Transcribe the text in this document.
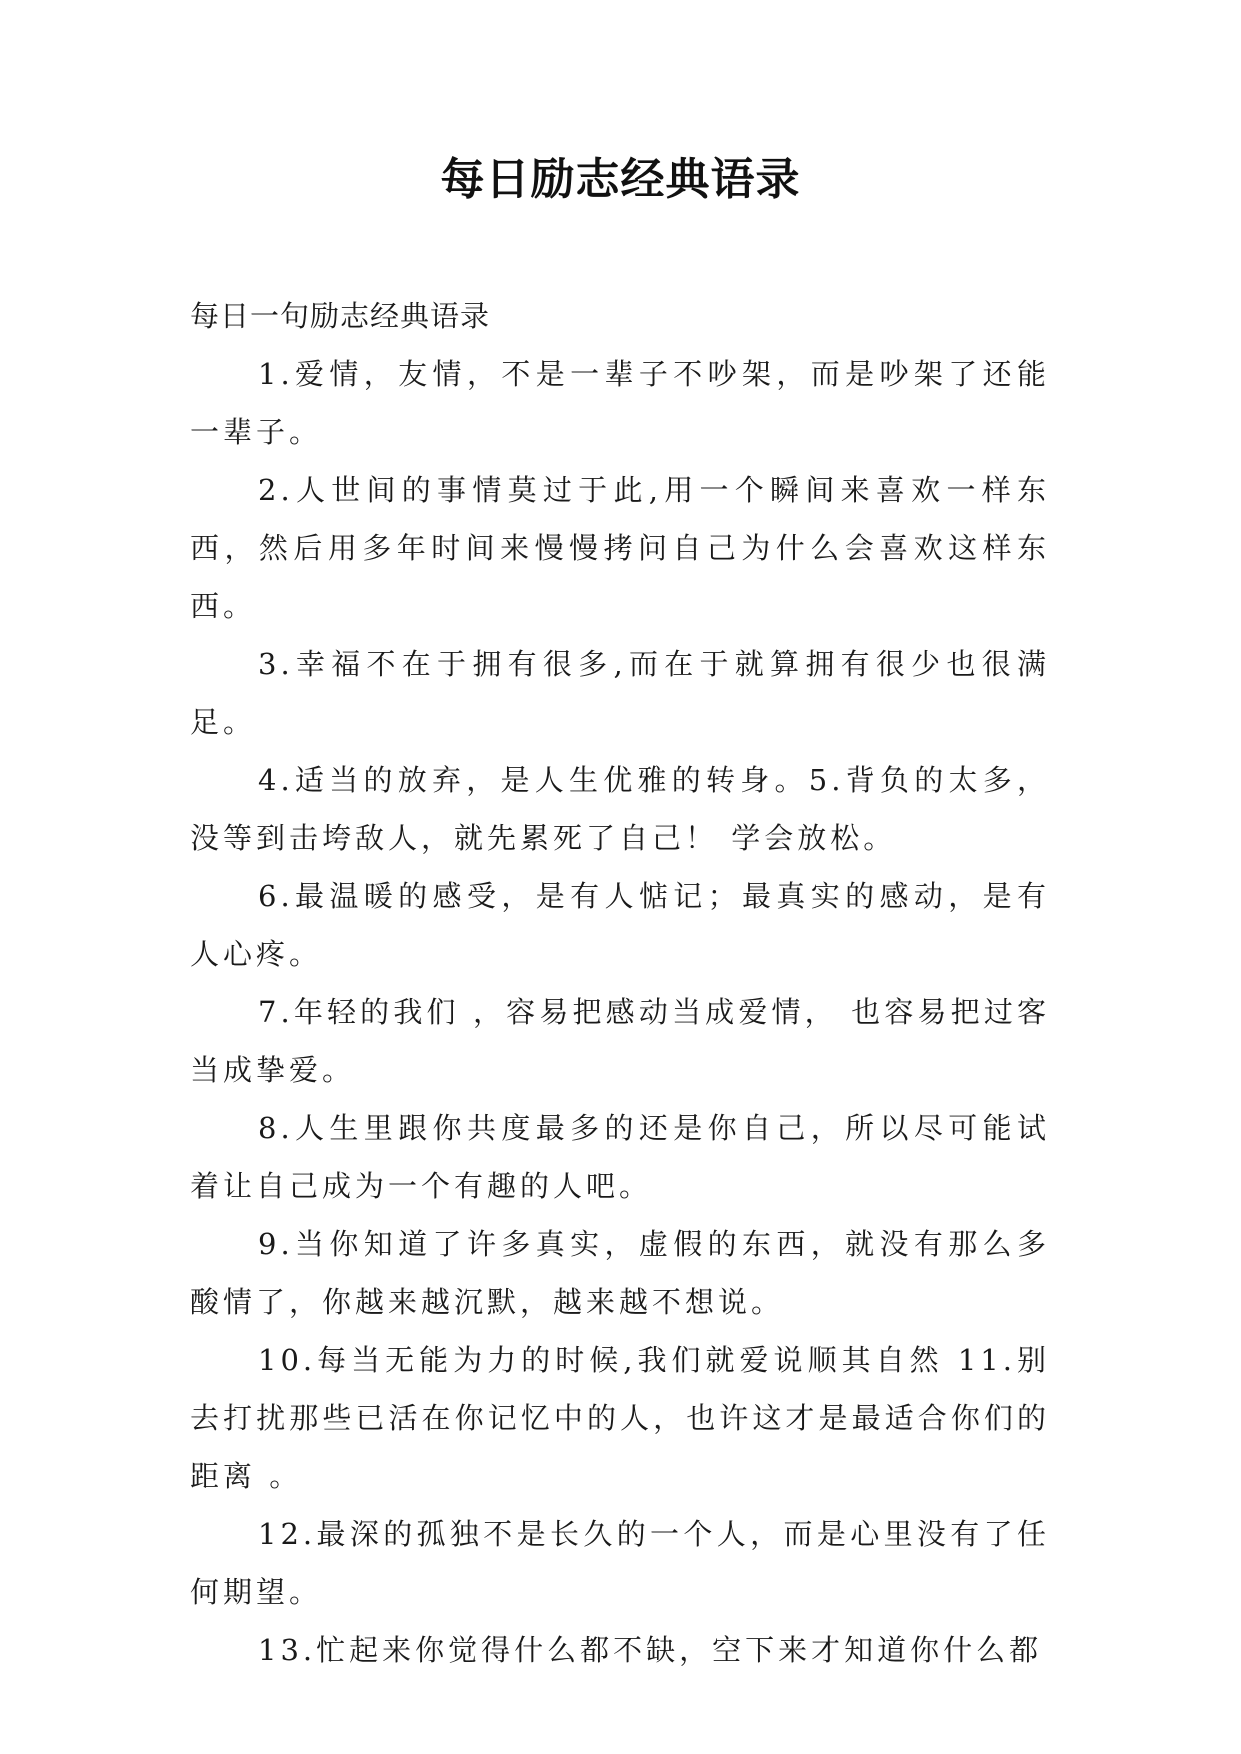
每日励志经典语录

每日一句励志经典语录

1.爱情，友情，不是一辈子不吵架，而是吵架了还能一辈子。

2.人世间的事情莫过于此,用一个瞬间来喜欢一样东西，然后用多年时间来慢慢拷问自己为什么会喜欢这样东西。

3.幸福不在于拥有很多,而在于就算拥有很少也很满足。

4.适当的放弃，是人生优雅的转身。5.背负的太多，没等到击垮敌人，就先累死了自己！ 学会放松。

6.最温暖的感受，是有人惦记；最真实的感动，是有人心疼。

7.年轻的我们 ，容易把感动当成爱情， 也容易把过客当成挚爱。

8.人生里跟你共度最多的还是你自己，所以尽可能试着让自己成为一个有趣的人吧。

9.当你知道了许多真实，虚假的东西，就没有那么多酸情了，你越来越沉默，越来越不想说。

10.每当无能为力的时候,我们就爱说顺其自然 11.别去打扰那些已活在你记忆中的人，也许这才是最适合你们的距离 。

12.最深的孤独不是长久的一个人，而是心里没有了任何期望。

13.忙起来你觉得什么都不缺，空下来才知道你什么都
